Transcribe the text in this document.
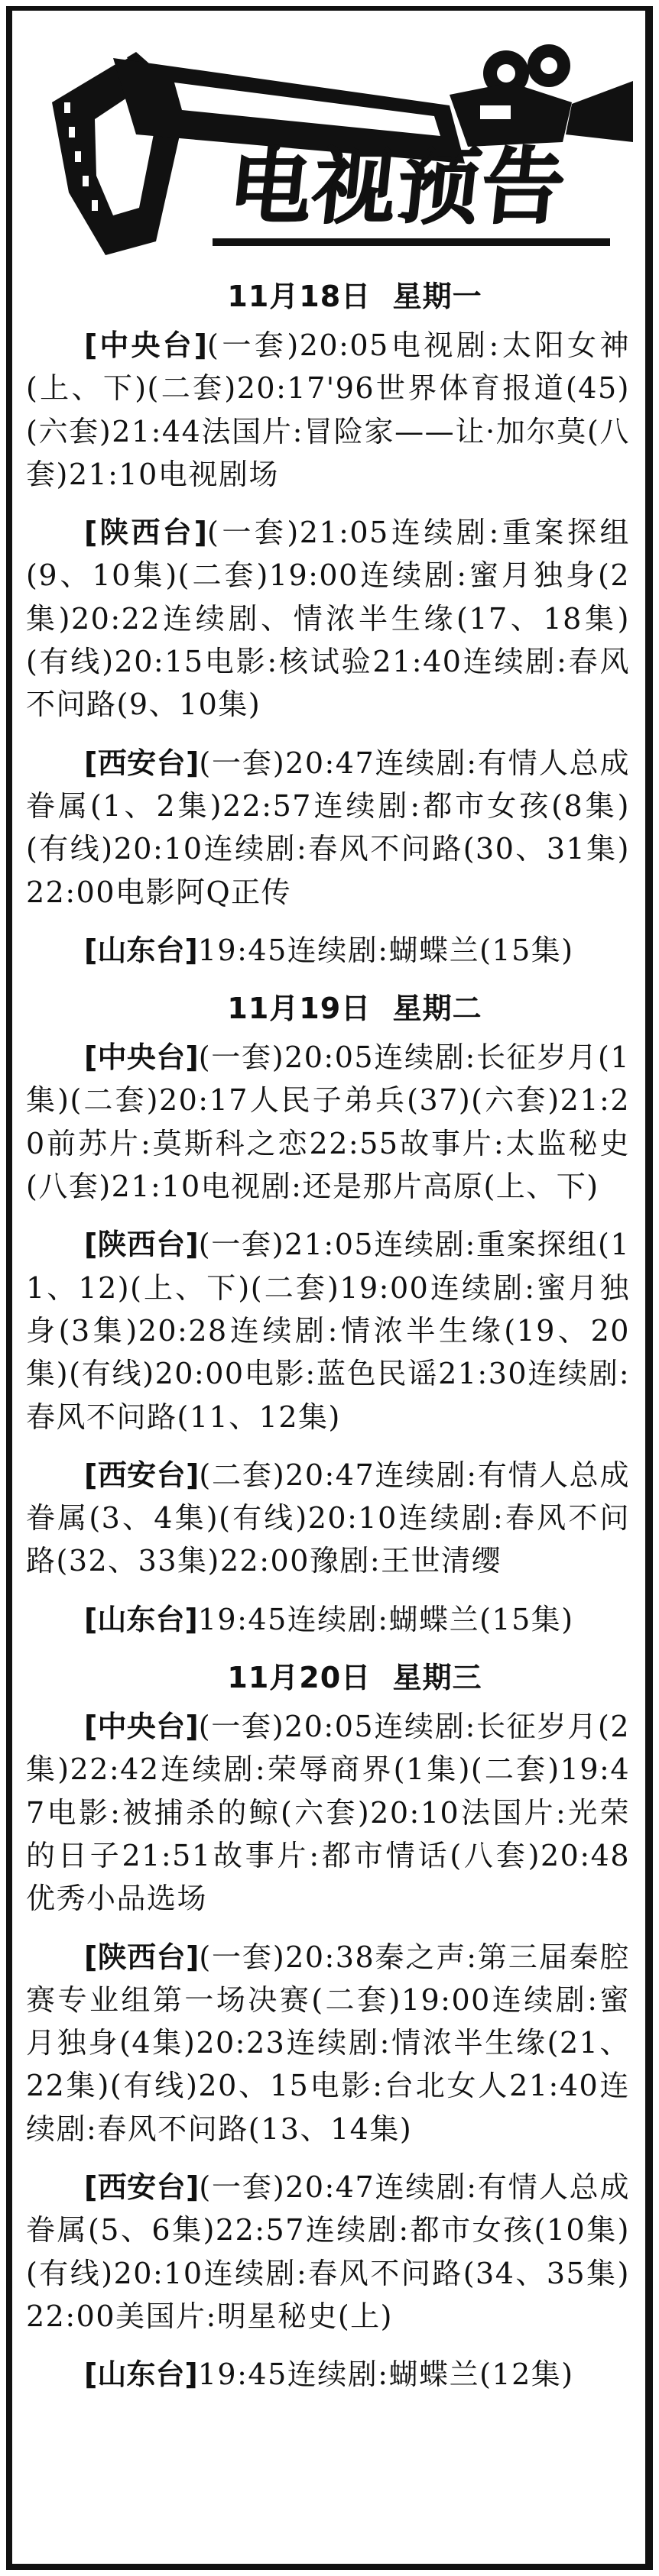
电视预告
11月18日 星期一

[中央台](一套)20:05电视剧:太阳女神(上、下)(二套)20:17'96世界体育报道(45)(六套)21:44法国片:冒险家——让·加尔莫(八套)21:10电视剧场

[陕西台](一套)21:05连续剧:重案探组(9、10集)(二套)19:00连续剧:蜜月独身(2集)20:22连续剧、情浓半生缘(17、18集)(有线)20:15电影:核试验21:40连续剧:春风不问路(9、10集)

[西安台](一套)20:47连续剧:有情人总成眷属(1、2集)22:57连续剧:都市女孩(8集)(有线)20:10连续剧:春风不问路(30、31集)22:00电影阿Q正传

[山东台]19:45连续剧:蝴蝶兰(15集)

11月19日 星期二

[中央台](一套)20:05连续剧:长征岁月(1集)(二套)20:17人民子弟兵(37)(六套)21:20前苏片:莫斯科之恋22:55故事片:太监秘史(八套)21:10电视剧:还是那片高原(上、下)

[陕西台](一套)21:05连续剧:重案探组(11、12)(上、下)(二套)19:00连续剧:蜜月独身(3集)20:28连续剧:情浓半生缘(19、20集)(有线)20:00电影:蓝色民谣21:30连续剧:春风不问路(11、12集)

[西安台](二套)20:47连续剧:有情人总成眷属(3、4集)(有线)20:10连续剧:春风不问路(32、33集)22:00豫剧:王世清缨

[山东台]19:45连续剧:蝴蝶兰(15集)

11月20日 星期三

[中央台](一套)20:05连续剧:长征岁月(2集)22:42连续剧:荣辱商界(1集)(二套)19:47电影:被捕杀的鲸(六套)20:10法国片:光荣的日子21:51故事片:都市情话(八套)20:48优秀小品选场

[陕西台](一套)20:38秦之声:第三届秦腔赛专业组第一场决赛(二套)19:00连续剧:蜜月独身(4集)20:23连续剧:情浓半生缘(21、22集)(有线)20、15电影:台北女人21:40连续剧:春风不问路(13、14集)

[西安台](一套)20:47连续剧:有情人总成眷属(5、6集)22:57连续剧:都市女孩(10集)(有线)20:10连续剧:春风不问路(34、35集)22:00美国片:明星秘史(上)

[山东台]19:45连续剧:蝴蝶兰(12集)
